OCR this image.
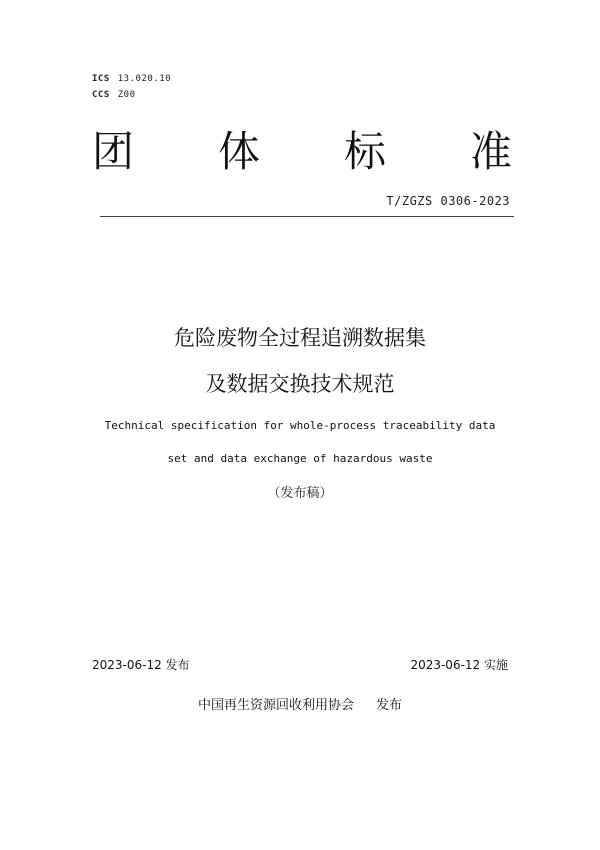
ICS 13.020.10
CCS Z00
团 体 标 准
T/ZGZS 0306-2023
危险废物全过程追溯数据集
及数据交换技术规范
Technical specification for whole-process traceability data
set and data exchange of hazardous waste
（发布稿）
2023-06-12 发布	2023-06-12 实施
中国再生资源回收利用协会 发布
